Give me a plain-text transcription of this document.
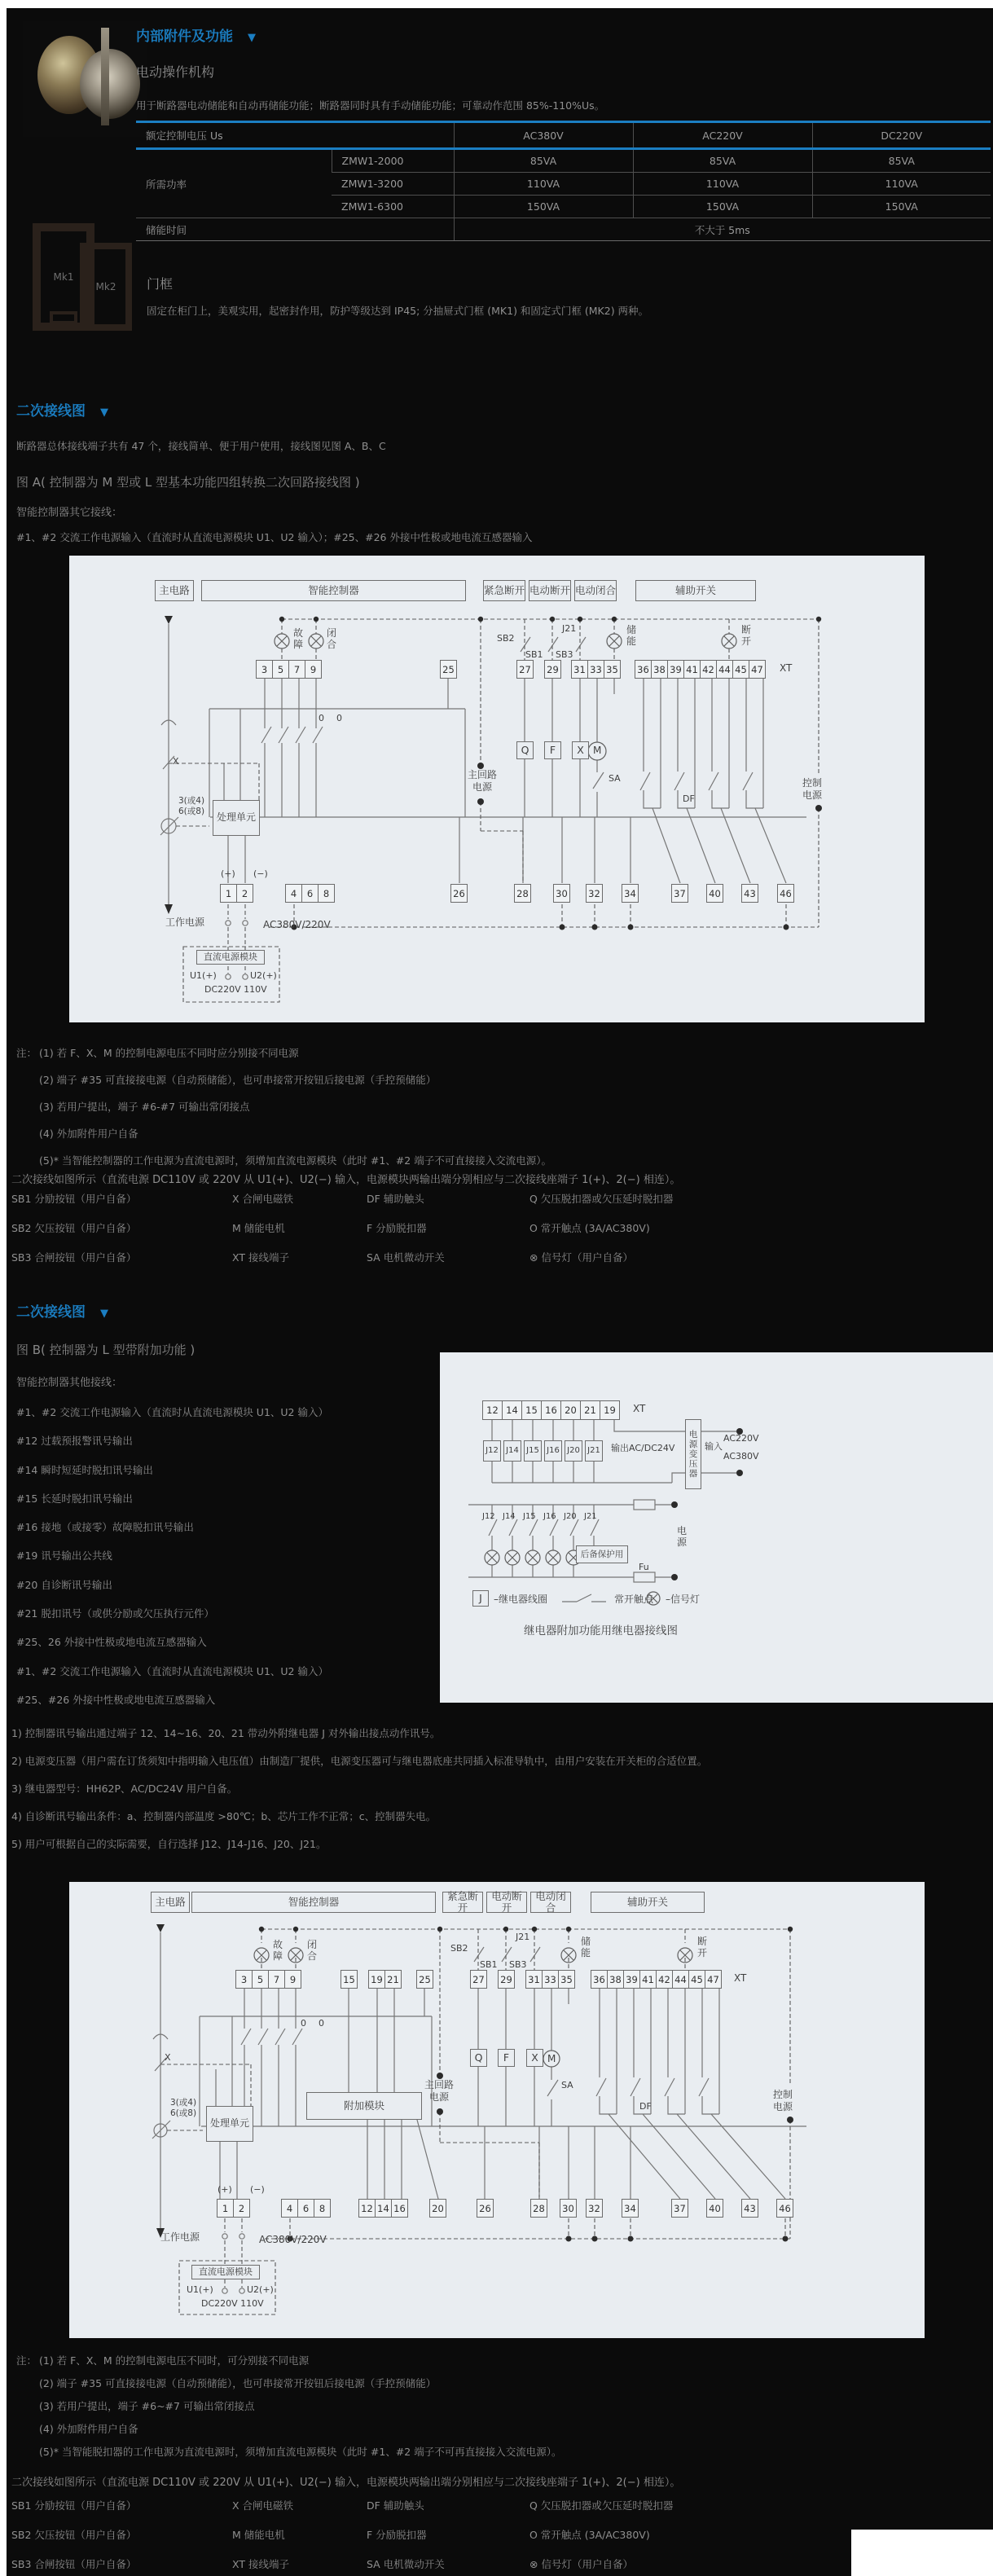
内部附件及功能 ▼
电动操作机构
用于断路器电动储能和自动再储能功能；断路器同时具有手动储能功能；可靠动作范围 85%-110%Us。
额定控制电压 Us		AC380V	AC220V	DC220V
所需功率	ZMW1-2000	85VA	85VA	85VA
	ZMW1-3200	110VA	110VA	110VA
	ZMW1-6300	150VA	150VA	150VA
储能时间		不大于 5ms		
Mk1
Mk2 门框
固定在柜门上，美观实用，起密封作用，防护等级达到 IP45; 分抽屉式门框 (MK1) 和固定式门框 (MK2) 两种。
二次接线图 ▼
断路器总体接线端子共有 47 个，接线简单、便于用户使用，接线图见图 A、B、C
图 A( 控制器为 M 型或 L 型基本功能四组转换二次回路接线图 )
智能控制器其它接线：
#1、#2 交流工作电源输入（直流时从直流电源模块 U1、U2 输入）；#25、#26 外接中性极或地电流互感器输入
主电路	智能控制器	紧急断开 电动断开 电动闭合	辅助开关
故障
闭合
储能
断开
SB2
SB1 SB3
J21
3	5	7	9	25	27 29 31 33 35 36 38 39 41 42 44 45 47 XT
0 0
Q	F	X M
SA
DF
X
3(或4)
6(或8)
处理单元
主回路电源	控制电源
(+) (−)
1	2	4	6	8	26	28	30 32	34	37 40 43	46
工作电源	AC380V/220V
直流电源模块
U1(+)	U2(+)
DC220V 110V
注： (1) 若 F、X、M 的控制电源电压不同时应分别接不同电源
(2) 端子 #35 可直接接电源（自动预储能），也可串接常开按钮后接电源（手控预储能）
(3) 若用户提出，端子 #6-#7 可输出常闭接点
(4) 外加附件用户自备
(5)* 当智能控制器的工作电源为直流电源时，须增加直流电源模块（此时 #1、#2 端子不可直接接入交流电源）。
二次接线如图所示（直流电源 DC110V 或 220V 从 U1(+)、U2(−) 输入，电源模块两输出端分别相应与二次接线座端子 1(+)、2(−) 相连）。
SB1 分励按钮（用户自备）	X 合闸电磁铁	DF 辅助触头	Q 欠压脱扣器或欠压延时脱扣器
SB2 欠压按钮（用户自备）	M 储能电机	F 分励脱扣器	O 常开触点 (3A/AC380V)
SB3 合闸按钮（用户自备）	XT 接线端子	SA 电机微动开关	⊗ 信号灯（用户自备）
二次接线图 ▼
图 B( 控制器为 L 型带附加功能 )
智能控制器其他接线：
#1、#2 交流工作电源输入（直流时从直流电源模块 U1、U2 输入）
#12 过载预报警讯号输出
#14 瞬时短延时脱扣讯号输出
#15 长延时脱扣讯号输出
#16 接地（或接零）故障脱扣讯号输出
#19 讯号输出公共线
#20 自诊断讯号输出
#21 脱扣讯号（或供分励或欠压执行元件）
#25、26 外接中性极或地电流互感器输入
#1、#2 交流工作电源输入（直流时从直流电源模块 U1、U2 输入）
#25、#26 外接中性极或地电流互感器输入
12 14 15 16 20 21 19	XT
J12 J14 J15 J16 J20 J21 输出AC/DC24V
电源变压器
输入
AC220V
AC380V
J12 J14 J15 J16 J20 J21
后备保护用
Fu
电源
J	–继电器线圈	常开触点 –信号灯
继电器附加功能用继电器接线图
1) 控制器讯号输出通过端子 12、14~16、20、21 带动外附继电器 J 对外输出接点动作讯号。
2) 电源变压器（用户需在订货须知中指明输入电压值）由制造厂提供，电源变压器可与继电器底座共同插入标准导轨中，由用户安装在开关柜的合适位置。
3) 继电器型号：HH62P、AC/DC24V 用户自备。
4) 自诊断讯号输出条件：a、控制器内部温度 >80℃；b、芯片工作不正常；c、控制器失电。
5) 用户可根据自己的实际需要，自行选择 J12、J14-J16、J20、J21。
主电路	智能控制器	紧急断开
电动断开
电动闭合	辅助开关
故障
闭合
储能
断开
SB2
SB1 SB3
J21
3	5	7	9	15 19 21 25	27 29 31 33 35 36 38 39 41 42 44 45 47 XT
0 0
Q	F	X M
SA
DF
X
3(或4)
6(或8)
处理单元
附加模块
主回路电源	控制电源
(+) (−)
1	2	4	6	8	12 14 16	20	26	28 30 32	34	37 40 43 46
工作电源	AC380V/220V
直流电源模块
U1(+)	U2(+)
DC220V 110V
注： (1) 若 F、X、M 的控制电源电压不同时，可分别接不同电源
(2) 端子 #35 可直接接电源（自动预储能），也可串接常开按钮后接电源（手控预储能）
(3) 若用户提出，端子 #6~#7 可输出常闭接点
(4) 外加附件用户自备
(5)* 当智能脱扣器的工作电源为直流电源时，须增加直流电源模块（此时 #1、#2 端子不可再直接接入交流电源）。
二次接线如图所示（直流电源 DC110V 或 220V 从 U1(+)、U2(−) 输入，电源模块两输出端分别相应与二次接线座端子 1(+)、2(−) 相连）。
SB1 分励按钮（用户自备）	X 合闸电磁铁	DF 辅助触头	Q 欠压脱扣器或欠压延时脱扣器
SB2 欠压按钮（用户自备）	M 储能电机	F 分励脱扣器	O 常开触点 (3A/AC380V)
SB3 合闸按钮（用户自备）	XT 接线端子	SA 电机微动开关	⊗ 信号灯（用户自备）
